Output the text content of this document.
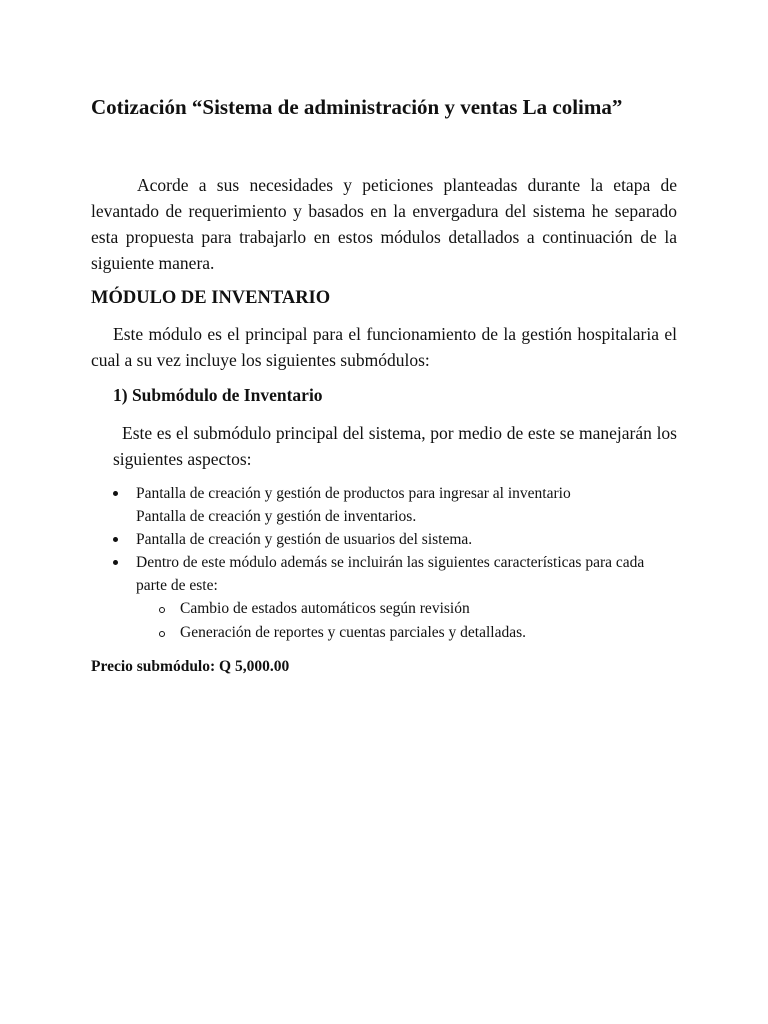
Cotización “Sistema de administración y ventas La colima”

Acorde a sus necesidades y peticiones planteadas durante la etapa de levantado de requerimiento y basados en la envergadura del sistema he separado esta propuesta para trabajarlo en estos módulos detallados a continuación de la siguiente manera.

MÓDULO DE INVENTARIO

Este módulo es el principal para el funcionamiento de la gestión hospitalaria el cual a su vez incluye los siguientes submódulos:

1) Submódulo de Inventario

Este es el submódulo principal del sistema, por medio de este se manejarán los siguientes aspectos:

Pantalla de creación y gestión de productos para ingresar al inventario
Pantalla de creación y gestión de inventarios.
Pantalla de creación y gestión de usuarios del sistema.
Dentro de este módulo además se incluirán las siguientes características para cada parte de este:
Cambio de estados automáticos según revisión
Generación de reportes y cuentas parciales y detalladas.

Precio submódulo: Q 5,000.00
